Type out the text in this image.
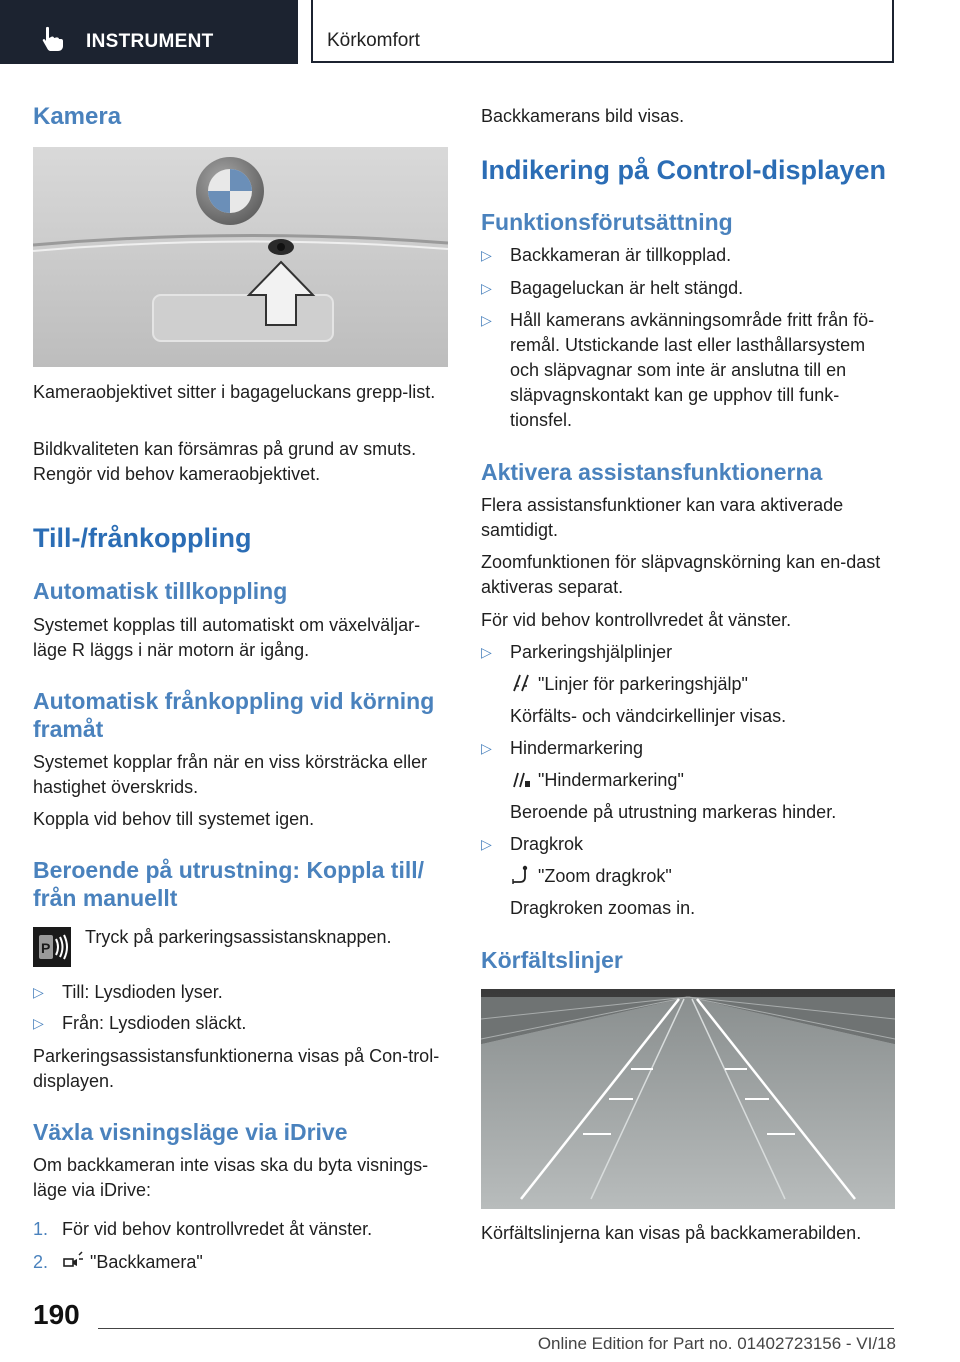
INSTRUMENT	Körkomfort
Kamera

Kameraobjektivet sitter i bagageluckans grepp-list.

Bildkvaliteten kan försämras på grund av smuts. Rengör vid behov kameraobjektivet.

Till-/frånkoppling
Automatisk tillkoppling

Systemet kopplas till automatiskt om växelväljar-läge R läggs i när motorn är igång.

Automatisk frånkoppling vid körning framåt

Systemet kopplar från när en viss körsträcka eller hastighet överskrids.

Koppla vid behov till systemet igen.

Beroende på utrustning: Koppla till/ från manuellt
P

Tryck på parkeringsassistansknappen.

▷ Till: Lysdioden lyser.
▷ Från: Lysdioden släckt.

Parkeringsassistansfunktionerna visas på Con-trol-displayen.

Växla visningsläge via iDrive

Om backkameran inte visas ska du byta visnings-läge via iDrive:

1. För vid behov kontrollvredet åt vänster.
2.	"Backkamera"

Backkamerans bild visas.

Indikering på Control-displayen
Funktionsförutsättning
▷ Backkameran är tillkopplad.
▷ Bagageluckan är helt stängd.
▷ Håll kamerans avkänningsområde fritt från fö-remål. Utstickande last eller lasthållarsystem och släpvagnar som inte är anslutna till en släpvagnskontakt kan ge upphov till funk-tionsfel.
Aktivera assistansfunktionerna

Flera assistansfunktioner kan vara aktiverade samtidigt.

Zoomfunktionen för släpvagnskörning kan en-dast aktiveras separat.

För vid behov kontrollvredet åt vänster.

▷ Parkeringshjälplinjer
"Linjer för parkeringshjälp"

Körfälts- och vändcirkellinjer visas.

▷ Hindermarkering
"Hindermarkering"

Beroende på utrustning markeras hinder.

▷ Dragkrok
"Zoom dragkrok"

Dragkroken zoomas in.

Körfältslinjer

Körfältslinjerna kan visas på backkamerabilden.

190
Online Edition for Part no. 01402723156 - VI/18
